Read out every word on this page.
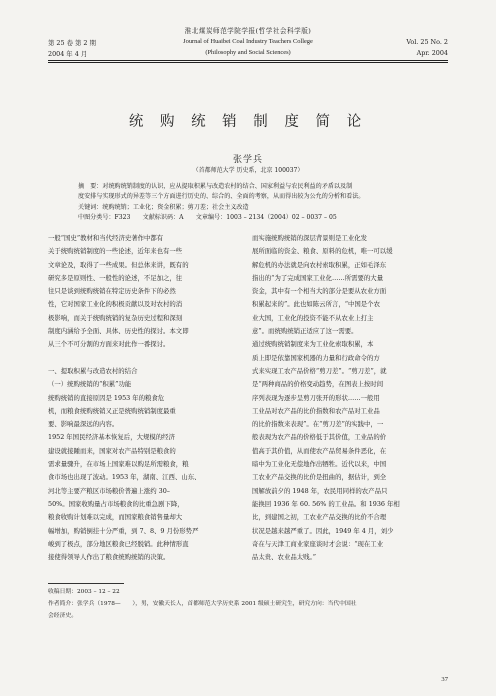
淮北煤炭师范学院学报(哲学社会科学版)
第 25 卷 第 2 期	Journal of Huaibei Coal Industry Teachers College	Vol. 25 No. 2
2004 年 4 月	(Philosophy and Social Sciences)	Apr. 2004
统 购 统 销 制 度 简 论
张学兵
（首都师范大学 历史系，北京 100037）

摘　要：对统购统销制度的认识，应从提取积累与改造农村的结合、国家利益与农民利益的矛盾以及制

度安排与实现形式的异差等三个方面进行历史的、综合的、全面的考察，从而得出较为公允的分析和看法。

关键词：统购统销；工业化；资金积累；剪刀差；社会主义改造

中图分类号：F323　　文献标识码：A　　文章编号：1003 – 2134（2004）02 – 0037 – 05

一般“国史”教材和当代经济史著作中都有

关于统购统销制度的一些论述，近年来也有一些

文章论及，取得了一些成果。但总体来讲，既有的

研究多是原则性、一般性的论述，不足加之，往

往只是谈到统购统销在特定历史条件下的必然

性，它对国家工业化的积极贡献以及对农村的消

极影响，而关于统购统销的复杂历史过程和深刻

制度内涵给予全面、具体、历史性的探讨。本文即

从三个不可分割的方面来对此作一番探讨。

一、提取积累与改造农村的结合

（一）统购统销的“积累”功能

统购统销的直接原因是 1953 年的粮食危

机，而粮食统购统销又正是统购统销制度最重

要、影响最深远的内容。

1952 年国民经济基本恢复后，大规模的经济

建设就接踵而来，国家对农产品特别是粮食的

需求量骤升，在市场上国家难以购足所需粮食，粮

食市场也出现了波动。1953 年，湖南、江西、山东、

河北等主要产粮区市场粮价普遍上涨约 30–

50%。国家收购量占市场粮食的比重急剧下降，

粮食收购计划难以完成，而国家粮食销售量却大

幅增加，购销倒挂十分严重，到 7、8、9 月份形势严

峻到了极点，部分地区粮食已经脱销。此种情形直

接使得领导人作出了粮食统购统销的决策。

而实施统购统销的深层背景则是工业化发

展所面临的资金、粮食、原料的危机，唯一可以缓

解危机的办法就是向农村索取积累，正如毛泽东

指出的“为了完成国家工业化……所需要的大量

资金，其中有一个相当大的部分是要从农业方面

积累起来的”。此也如陈云所言，“中国是个农

业大国，工业化的投资不能不从农业上打主

意”。而统购统销正适应了这一需要。

通过统购统销制度来为工业化索取积累，本

质上即是依靠国家机器的力量和行政命令的方

式来实现工农产品价格“剪刀差”。“剪刀差”，就

是“两种商品的价格变动趋势，在图表上按时间

序列表现为逐步呈剪刀张开的形状……一般用

工业品对农产品的比价指数和农产品对工业品

的比价指数来表现”。在“剪刀差”的实践中，一

般表现为农产品的价格低于其价值，工业品的价

值高于其价值，从而使农产品贸易条件恶化，在

暗中为工业化无偿地作出牺牲。近代以来，中国

工农业产品交换的比价是扭曲的，据估计，到全

国解放前夕的 1948 年，农民用同样的农产品只

能换回 1936 年 60. 56% 的工业品。和 1936 年相

比，到建国之初，工农业产品交换的比价不合理

状况是越来越严重了。因此，1949 年 4 月，刘少

奇在与天津工商业家座谈时才会说：“现在工业

品太贵、农业品太贱。”

收稿日期：2003 – 12 – 22

作者简介：张学兵（1978—　　），男，安徽天长人，首都师范大学历史系 2001 级硕士研究生，研究方向：当代中国社

会经济史。

37
